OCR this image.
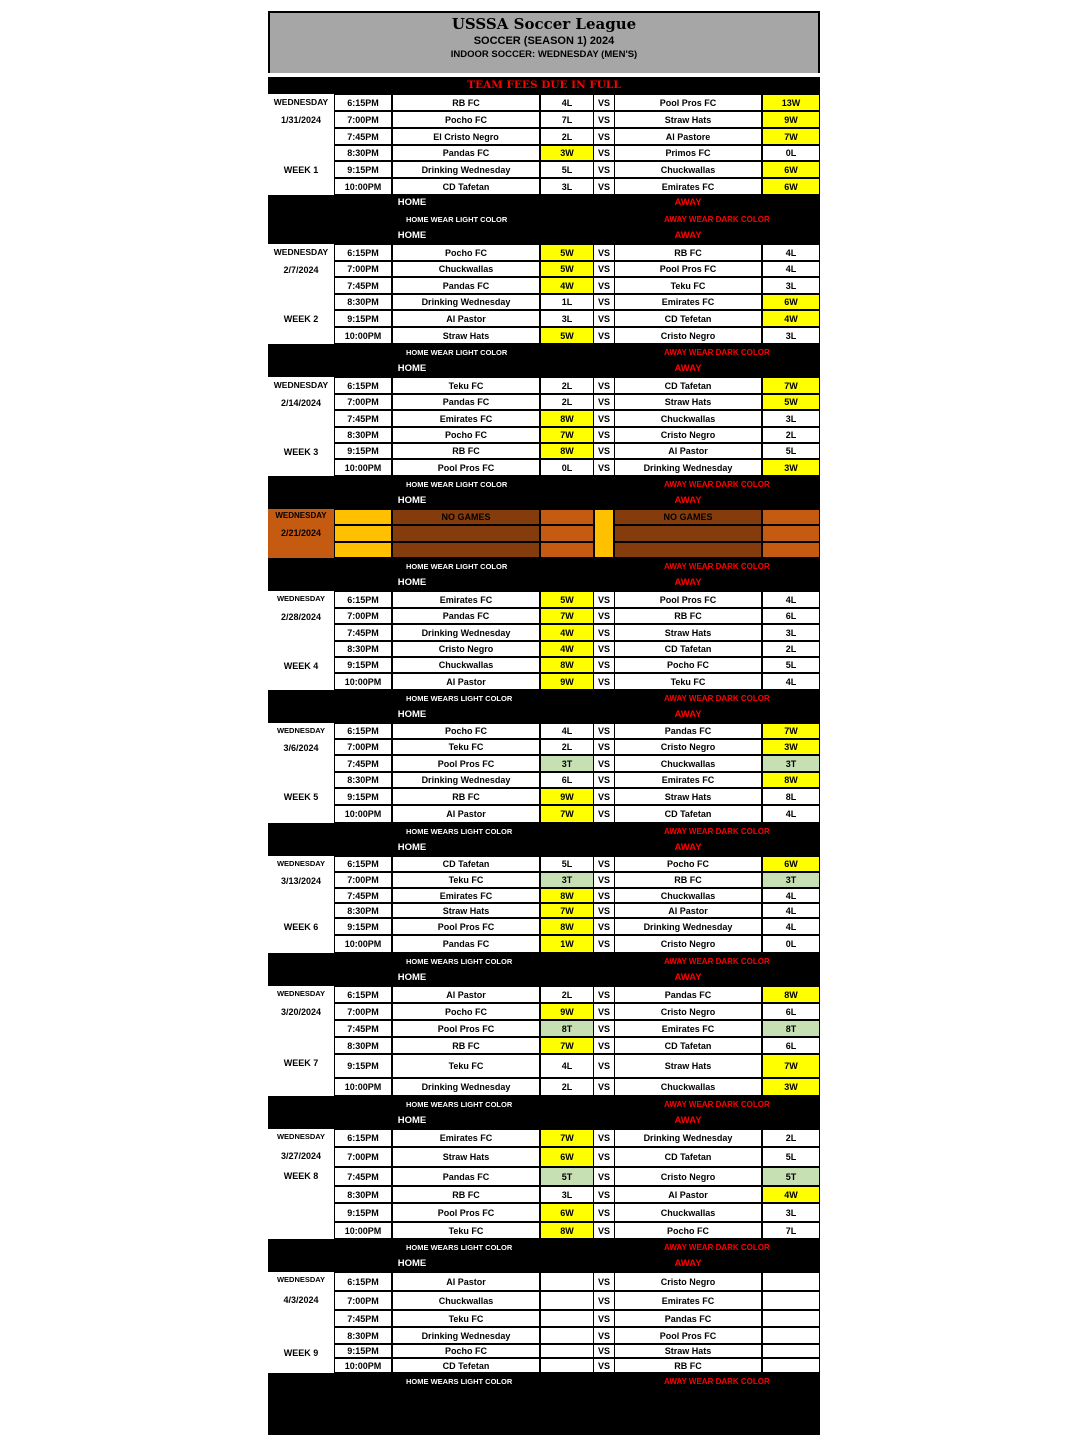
USSSA Soccer League
SOCCER (SEASON 1) 2024
INDOOR SOCCER: WEDNESDAY (MEN'S)
TEAM FEES DUE IN FULL
WEDNESDAY
1/31/2024
WEEK 1
6:15PM	RB FC	4L	VS	Pool Pros FC	13W
7:00PM	Pocho FC	7L	VS	Straw Hats	9W
7:45PM	El Cristo Negro	2L	VS	Al Pastore	7W
8:30PM	Pandas FC	3W	VS	Primos FC	0L
9:15PM	Drinking Wednesday	5L	VS	Chuckwallas	6W
10:00PM	CD Tafetan	3L	VS	Emirates FC	6W
HOME	AWAY
HOME WEAR LIGHT COLOR	AWAY WEAR DARK COLOR
HOME	AWAY
WEDNESDAY
2/7/2024
WEEK 2
6:15PM	Pocho FC	5W	VS	RB FC	4L
7:00PM	Chuckwallas	5W	VS	Pool Pros FC	4L
7:45PM	Pandas FC	4W	VS	Teku FC	3L
8:30PM	Drinking Wednesday	1L	VS	Emirates FC	6W
9:15PM	Al Pastor	3L	VS	CD Tefetan	4W
10:00PM	Straw Hats	5W	VS	Cristo Negro	3L
HOME WEAR LIGHT COLOR	AWAY WEAR DARK COLOR
HOME	AWAY
WEDNESDAY
2/14/2024
WEEK 3
6:15PM	Teku FC	2L	VS	CD Tafetan	7W
7:00PM	Pandas FC	2L	VS	Straw Hats	5W
7:45PM	Emirates FC	8W	VS	Chuckwallas	3L
8:30PM	Pocho FC	7W	VS	Cristo Negro	2L
9:15PM	RB FC	8W	VS	Al Pastor	5L
10:00PM	Pool Pros FC	0L	VS	Drinking Wednesday	3W
HOME WEAR LIGHT COLOR	AWAY WEAR DARK COLOR
HOME	AWAY
WEDNESDAY
2/21/2024
NO GAMES	NO GAMES
HOME WEAR LIGHT COLOR	AWAY WEAR DARK COLOR
HOME	AWAY
WEDNESDAY
2/28/2024
WEEK 4
6:15PM	Emirates FC	5W	VS	Pool Pros FC	4L
7:00PM	Pandas FC	7W	VS	RB FC	6L
7:45PM	Drinking Wednesday	4W	VS	Straw Hats	3L
8:30PM	Cristo Negro	4W	VS	CD Tafetan	2L
9:15PM	Chuckwallas	8W	VS	Pocho FC	5L
10:00PM	Al Pastor	9W	VS	Teku FC	4L
HOME WEARS LIGHT COLOR	AWAY WEAR DARK COLOR
HOME	AWAY
WEDNESDAY
3/6/2024
WEEK 5
6:15PM	Pocho FC	4L	VS	Pandas FC	7W
7:00PM	Teku FC	2L	VS	Cristo Negro	3W
7:45PM	Pool Pros FC	3T	VS	Chuckwallas	3T
8:30PM	Drinking Wednesday	6L	VS	Emirates FC	8W
9:15PM	RB FC	9W	VS	Straw Hats	8L
10:00PM	Al Pastor	7W	VS	CD Tafetan	4L
HOME WEARS LIGHT COLOR	AWAY WEAR DARK COLOR
HOME	AWAY
WEDNESDAY
3/13/2024
WEEK 6
6:15PM	CD Tafetan	5L	VS	Pocho FC	6W
7:00PM	Teku FC	3T	VS	RB FC	3T
7:45PM	Emirates FC	8W	VS	Chuckwallas	4L
8:30PM	Straw Hats	7W	VS	Al Pastor	4L
9:15PM	Pool Pros FC	8W	VS	Drinking Wednesday	4L
10:00PM	Pandas FC	1W	VS	Cristo Negro	0L
HOME WEARS LIGHT COLOR	AWAY WEAR DARK COLOR
HOME	AWAY
WEDNESDAY
3/20/2024
WEEK 7
6:15PM	Al Pastor	2L	VS	Pandas FC	8W
7:00PM	Pocho FC	9W	VS	Cristo Negro	6L
7:45PM	Pool Pros FC	8T	VS	Emirates FC	8T
8:30PM	RB FC	7W	VS	CD Tafetan	6L
9:15PM	Teku FC	4L	VS	Straw Hats	7W
10:00PM	Drinking Wednesday	2L	VS	Chuckwallas	3W
HOME WEARS LIGHT COLOR	AWAY WEAR DARK COLOR
HOME	AWAY
WEDNESDAY
3/27/2024
WEEK 8
6:15PM	Emirates FC	7W	VS	Drinking Wednesday	2L
7:00PM	Straw Hats	6W	VS	CD Tafetan	5L
7:45PM	Pandas FC	5T	VS	Cristo Negro	5T
8:30PM	RB FC	3L	VS	Al Pastor	4W
9:15PM	Pool Pros FC	6W	VS	Chuckwallas	3L
10:00PM	Teku FC	8W	VS	Pocho FC	7L
HOME WEARS LIGHT COLOR	AWAY WEAR DARK COLOR
HOME	AWAY
WEDNESDAY
4/3/2024
WEEK 9
6:15PM	Al Pastor	VS	Cristo Negro
7:00PM	Chuckwallas	VS	Emirates FC
7:45PM	Teku FC	VS	Pandas FC
8:30PM	Drinking Wednesday	VS	Pool Pros FC
9:15PM	Pocho FC	VS	Straw Hats
10:00PM	CD Tefetan	VS	RB FC
HOME WEARS LIGHT COLOR	AWAY WEAR DARK COLOR
